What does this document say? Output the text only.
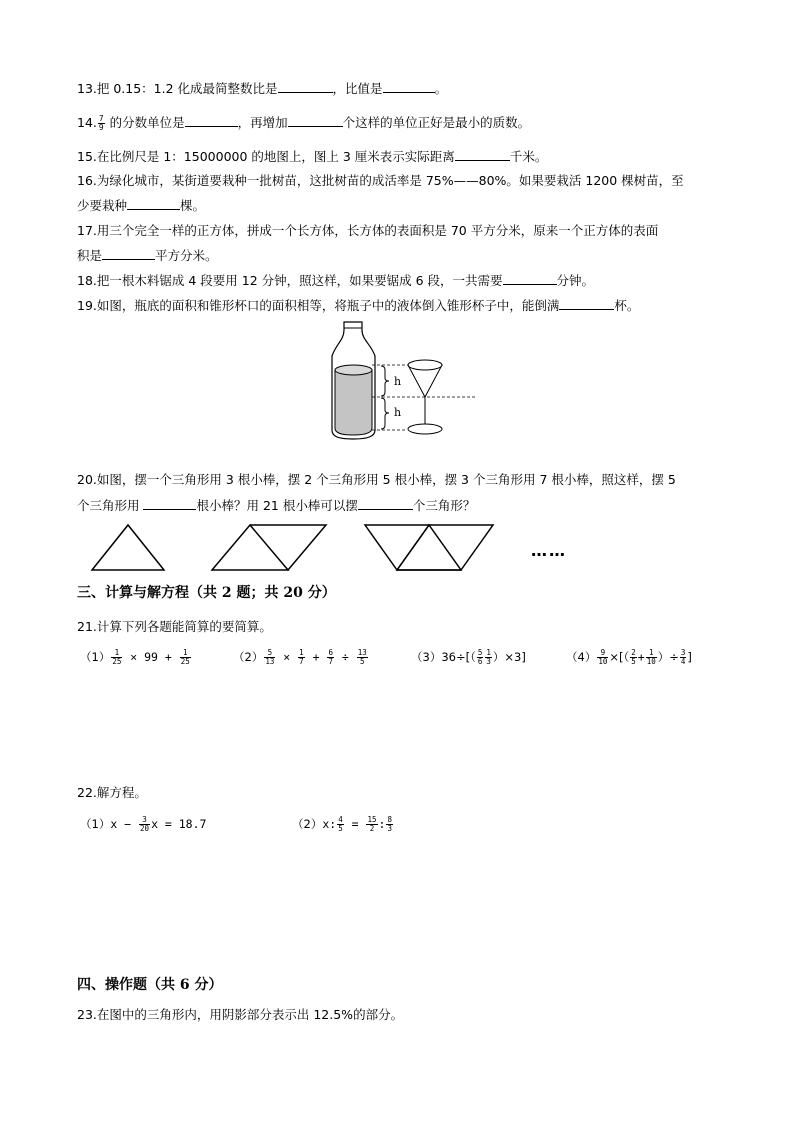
13.把 0.15：1.2 化成最简整数比是	，比值是	。
14. $\frac{7}{9}$ 的分数单位是	，再增加	个这样的单位正好是最小的质数。
15.在比例尺是 1：15000000 的地图上，图上 3 厘米表示实际距离	千米。
16.为绿化城市，某街道要栽种一批树苗，这批树苗的成活率是 75%——80%。如果要栽活 1200 棵树苗，至
少要栽种	棵。
17.用三个完全一样的正方体，拼成一个长方体，长方体的表面积是 70 平方分米，原来一个正方体的表面
积是	平方分米。
18.把一根木料锯成 4 段要用 12 分钟，照这样，如果要锯成 6 段，一共需要	分钟。
19.如图，瓶底的面积和锥形杯口的面积相等，将瓶子中的液体倒入锥形杯子中，能倒满	杯。
h
h
20.如图，摆一个三角形用 3 根小棒，摆 2 个三角形用 5 根小棒，摆 3 个三角形用 7 根小棒，照这样，摆 5
个三角形用	根小棒？用 21 根小棒可以摆	个三角形？
……
三、计算与解方程（共 2 题；共 20 分）
21.计算下列各题能简算的要简算。
$(1) \frac{1}{25} \times 99 + \frac{1}{25}$	$(2) \frac{5}{13} \times \frac{1}{7} + \frac{6}{7} \div \frac{13}{5}$	$(3)36\div[( \frac{5}{6} \frac{1}{3} )\times 3]$	$(4) \frac{9}{10}$ ×[（ $\frac{2}{5} + \frac{1}{10}$ ）÷ $\frac{3}{4}$ ]
22.解方程。
$(1)x - \frac{3}{20}$ x = 18.7	（2）x: $\frac{4}{5} = \frac{15}{2}$ : $\frac{8}{3}$
四、操作题（共 6 分）
23.在图中的三角形内，用阴影部分表示出 12.5%的部分。
